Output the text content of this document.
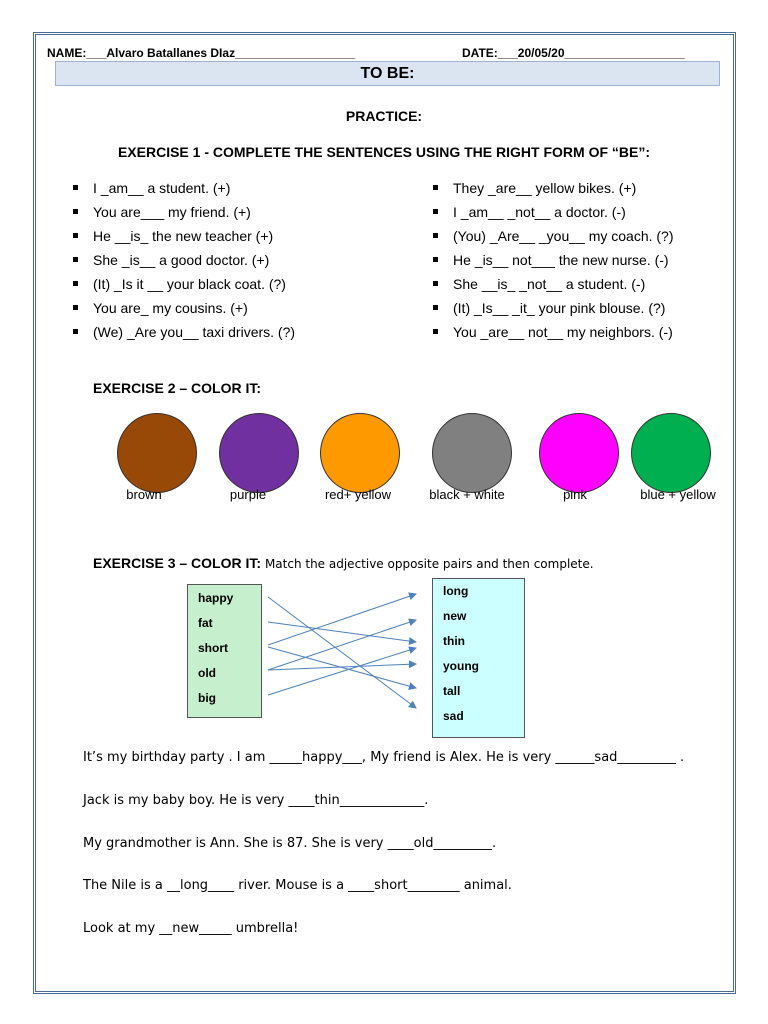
NAME:___Alvaro Batallanes DIaz__________________	DATE:___20/05/20__________________
TO BE:
PRACTICE:
EXERCISE 1 - COMPLETE THE SENTENCES USING THE RIGHT FORM OF “BE”:
I _am__ a student. (+)
You are___ my friend. (+)
He __is_ the new teacher (+)
She _is__ a good doctor. (+)
(It) _Is it __ your black coat. (?)
You are_ my cousins. (+)
(We) _Are you__ taxi drivers. (?)
They _are__ yellow bikes. (+)
I _am__ _not__ a doctor. (-)
(You) _Are__ _you__ my coach. (?)
He _is__ not___ the new nurse. (-)
She __is_ _not__ a student. (-)
(It) _Is__ _it_ your pink blouse. (?)
You _are__ not__ my neighbors. (-)
EXERCISE 2 – COLOR IT:
brown	purple	red+ yellow	black + white	pink	blue + yellow
EXERCISE 3 – COLOR IT: Match the adjective opposite pairs and then complete.
happy
fat
short
old
big
long
new
thin
young
tall
sad
It’s my birthday party . I am _____happy___, My friend is Alex. He is very ______sad_________ .
Jack is my baby boy. He is very ____thin_____________.
My grandmother is Ann. She is 87. She is very ____old_________.
The Nile is a __long____ river. Mouse is a ____short________ animal.
Look at my __new_____ umbrella!
